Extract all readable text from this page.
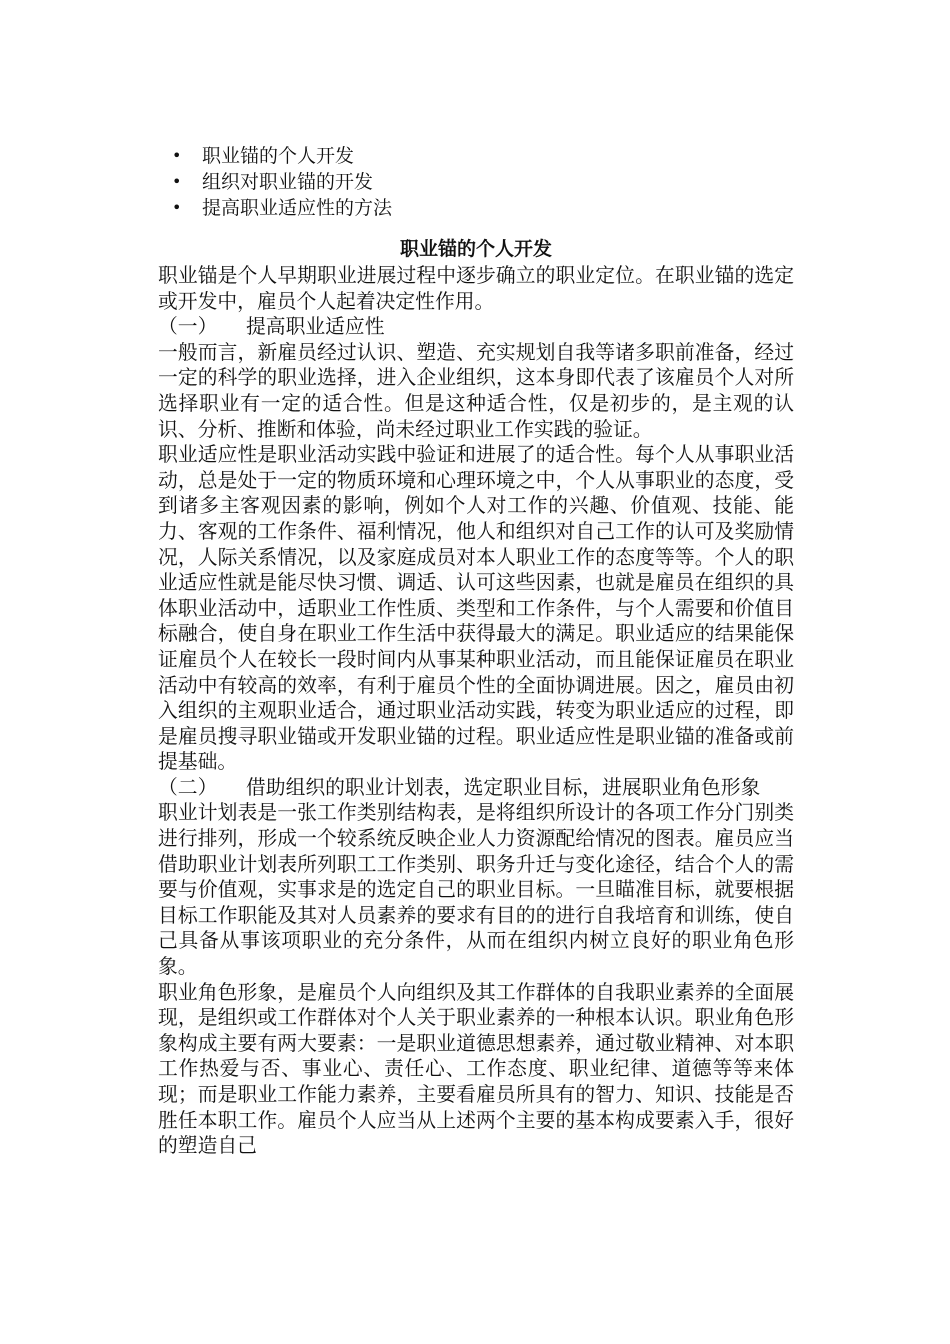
• 职业锚的个人开发
• 组织对职业锚的开发
• 提高职业适应性的方法
职业锚的个人开发

职业锚是个人早期职业进展过程中逐步确立的职业定位。在职业锚的选定或开发中，雇员个人起着决定性作用。

（一） 提高职业适应性

一般而言，新雇员经过认识、塑造、充实规划自我等诸多职前准备，经过一定的科学的职业选择，进入企业组织，这本身即代表了该雇员个人对所选择职业有一定的适合性。但是这种适合性，仅是初步的，是主观的认识、分析、推断和体验，尚未经过职业工作实践的验证。

职业适应性是职业活动实践中验证和进展了的适合性。每个人从事职业活动，总是处于一定的物质环境和心理环境之中，个人从事职业的态度，受到诸多主客观因素的影响，例如个人对工作的兴趣、价值观、技能、能力、客观的工作条件、福利情况，他人和组织对自己工作的认可及奖励情况，人际关系情况，以及家庭成员对本人职业工作的态度等等。个人的职业适应性就是能尽快习惯、调适、认可这些因素，也就是雇员在组织的具体职业活动中，适职业工作性质、类型和工作条件，与个人需要和价值目标融合，使自身在职业工作生活中获得最大的满足。职业适应的结果能保证雇员个人在较长一段时间内从事某种职业活动，而且能保证雇员在职业活动中有较高的效率，有利于雇员个性的全面协调进展。因之，雇员由初入组织的主观职业适合，通过职业活动实践，转变为职业适应的过程，即是雇员搜寻职业锚或开发职业锚的过程。职业适应性是职业锚的准备或前提基础。

（二） 借助组织的职业计划表，选定职业目标，进展职业角色形象

职业计划表是一张工作类别结构表，是将组织所设计的各项工作分门别类进行排列，形成一个较系统反映企业人力资源配给情况的图表。雇员应当借助职业计划表所列职工工作类别、职务升迁与变化途径，结合个人的需要与价值观，实事求是的选定自己的职业目标。一旦瞄准目标，就要根据目标工作职能及其对人员素养的要求有目的的进行自我培育和训练，使自己具备从事该项职业的充分条件，从而在组织内树立良好的职业角色形象。

职业角色形象，是雇员个人向组织及其工作群体的自我职业素养的全面展现，是组织或工作群体对个人关于职业素养的一种根本认识。职业角色形象构成主要有两大要素：一是职业道德思想素养，通过敬业精神、对本职工作热爱与否、事业心、责任心、工作态度、职业纪律、道德等等来体现；而是职业工作能力素养，主要看雇员所具有的智力、知识、技能是否胜任本职工作。雇员个人应当从上述两个主要的基本构成要素入手，很好的塑造自己
